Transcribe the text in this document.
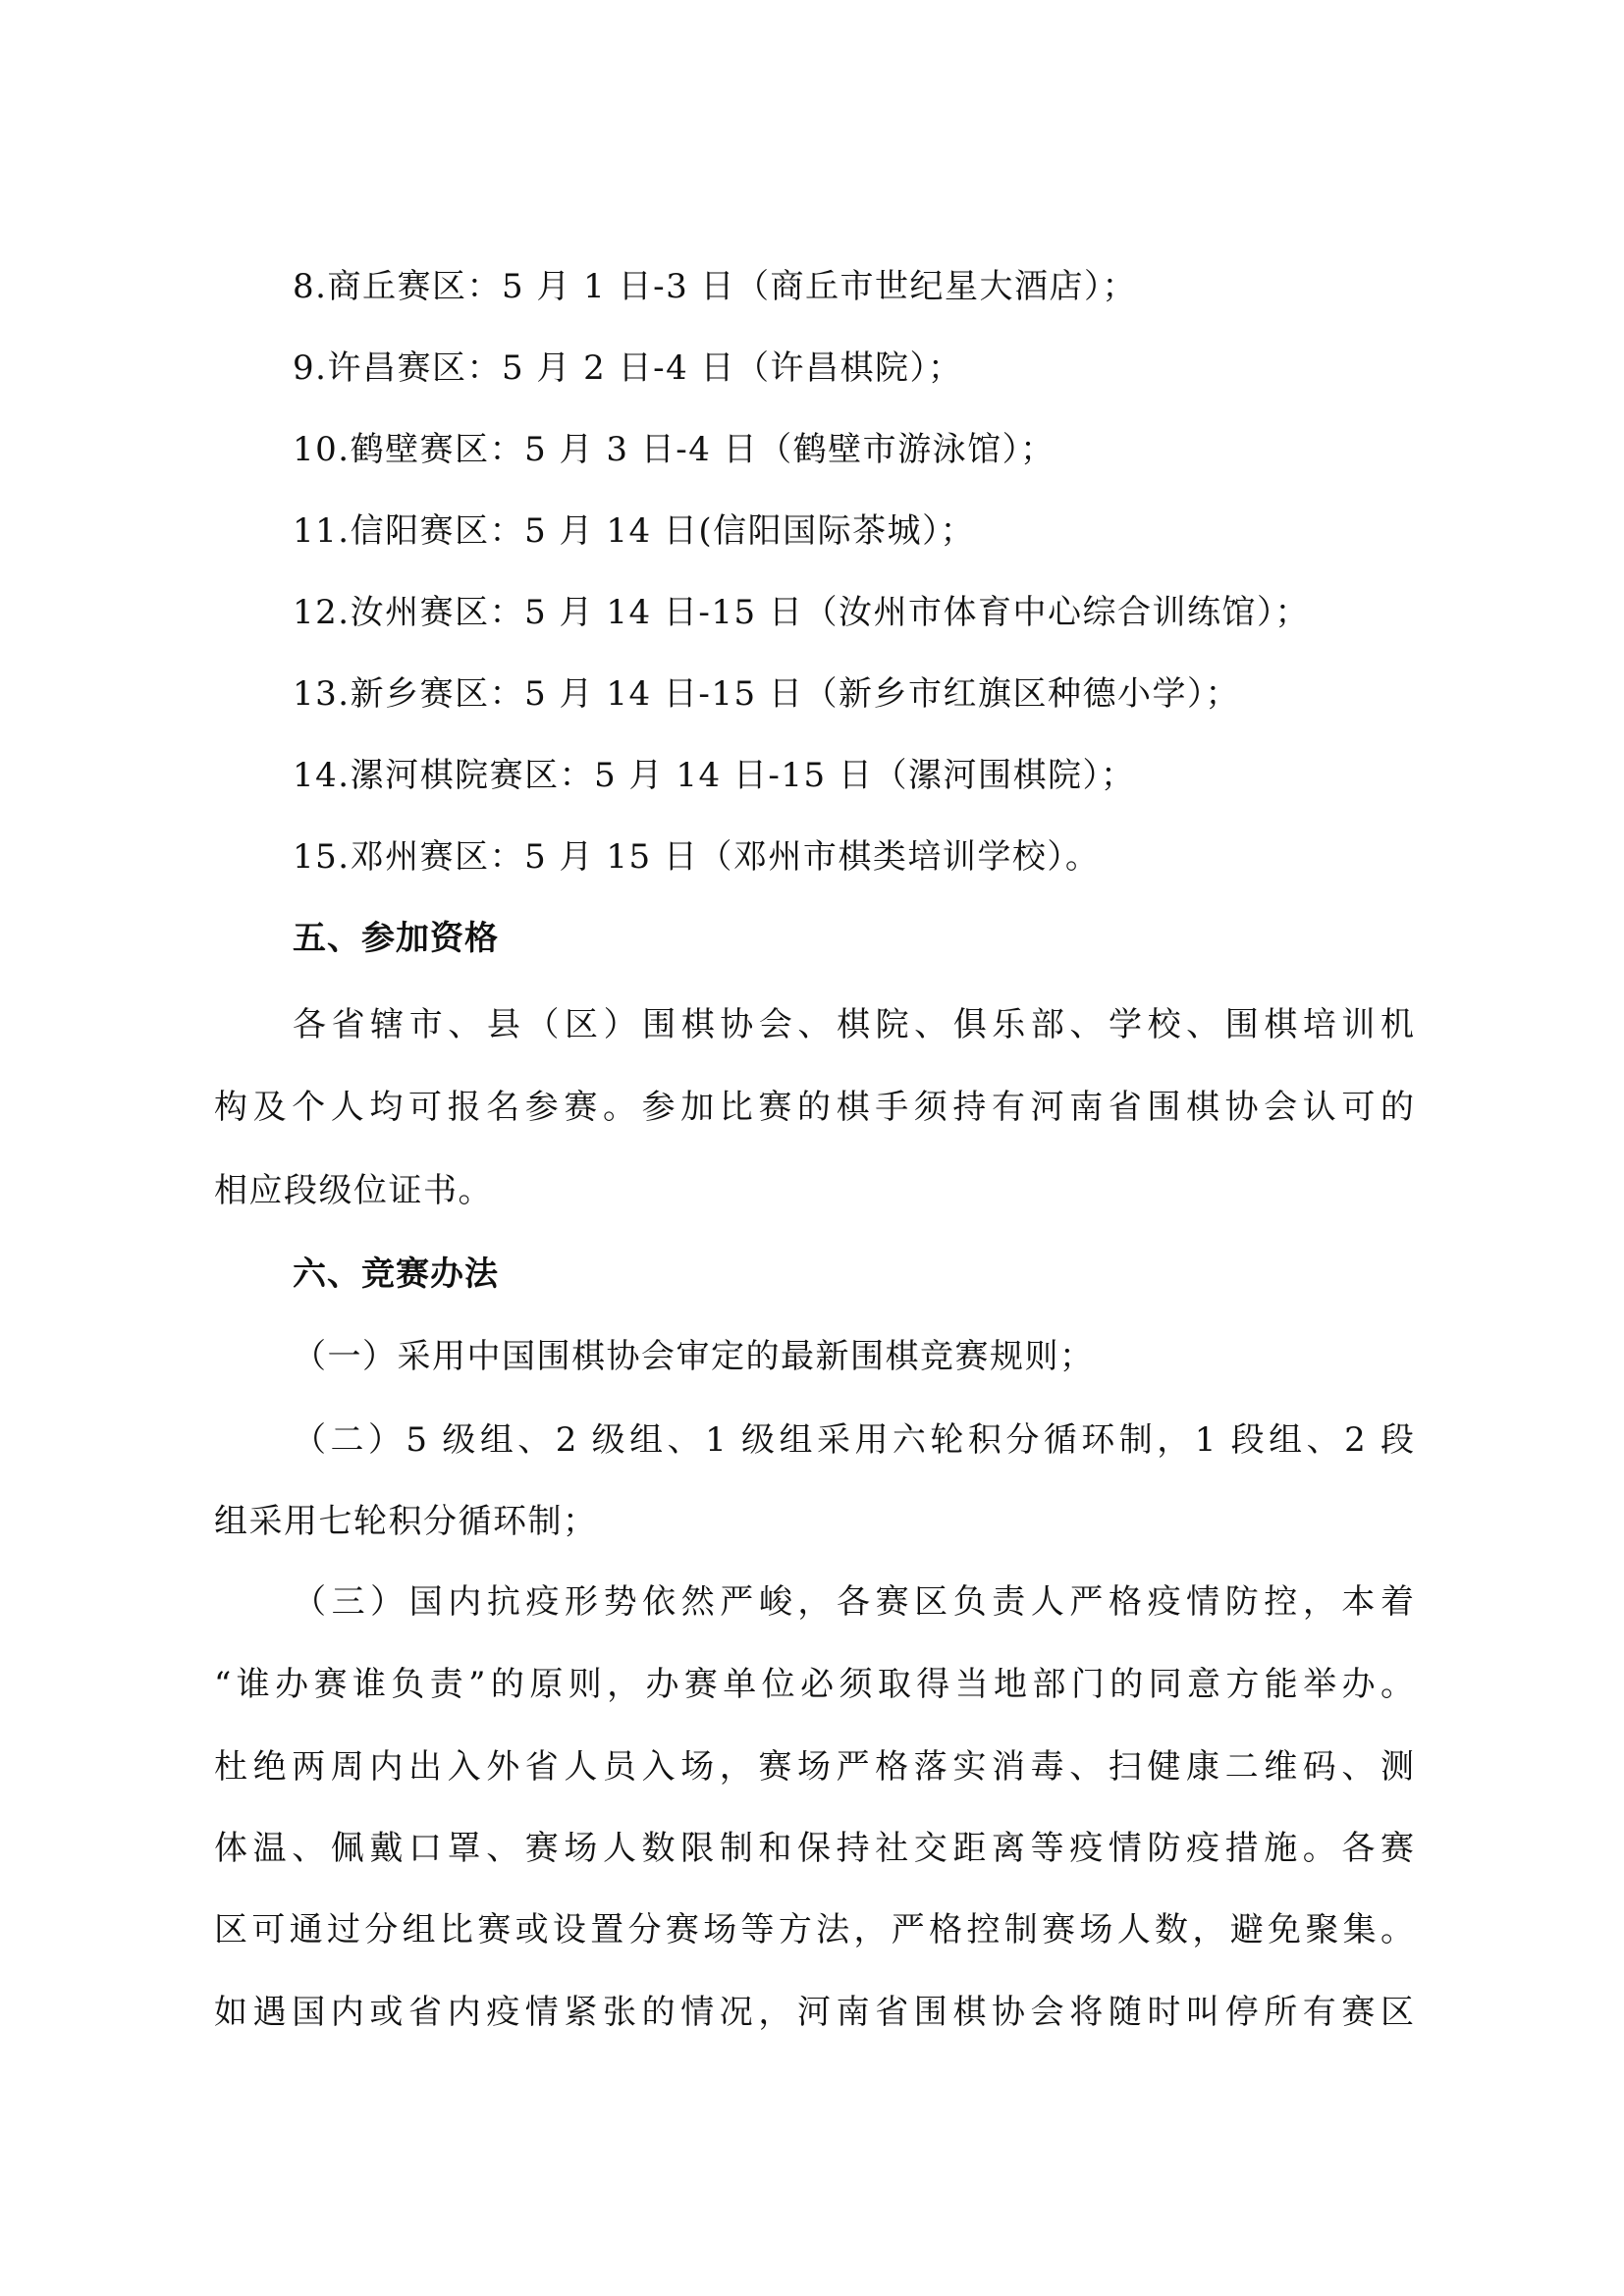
8.商丘赛区：5 月 1 日-3 日（商丘市世纪星大酒店）；
9.许昌赛区：5 月 2 日-4 日（许昌棋院）；
10.鹤壁赛区：5 月 3 日-4 日（鹤壁市游泳馆）；
11.信阳赛区：5 月 14 日(信阳国际茶城）；
12.汝州赛区：5 月 14 日-15 日（汝州市体育中心综合训练馆）；
13.新乡赛区：5 月 14 日-15 日（新乡市红旗区种德小学）；
14.漯河棋院赛区：5 月 14 日-15 日（漯河围棋院）；
15.邓州赛区：5 月 15 日（邓州市棋类培训学校）。
五、参加资格
各省辖市、县（区）围棋协会、棋院、俱乐部、学校、围棋培训机
构及个人均可报名参赛。参加比赛的棋手须持有河南省围棋协会认可的
相应段级位证书。
六、竞赛办法
（一）采用中国围棋协会审定的最新围棋竞赛规则；
（二）5 级组、2 级组、1 级组采用六轮积分循环制，1 段组、2 段
组采用七轮积分循环制；
（三）国内抗疫形势依然严峻，各赛区负责人严格疫情防控，本着
“谁办赛谁负责”的原则，办赛单位必须取得当地部门的同意方能举办。
杜绝两周内出入外省人员入场，赛场严格落实消毒、扫健康二维码、测
体温、佩戴口罩、赛场人数限制和保持社交距离等疫情防疫措施。各赛
区可通过分组比赛或设置分赛场等方法，严格控制赛场人数，避免聚集。
如遇国内或省内疫情紧张的情况，河南省围棋协会将随时叫停所有赛区
